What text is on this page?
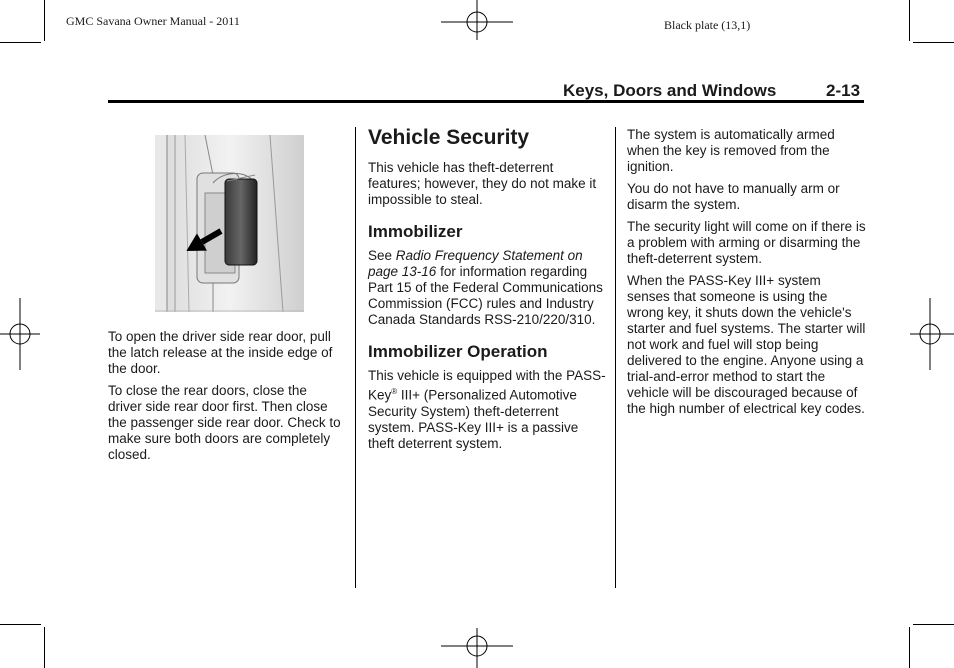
GMC Savana Owner Manual - 2011	Black plate (13,1)
Keys, Doors and Windows	2-13

To open the driver side rear door, pull the latch release at the inside edge of the door.

To close the rear doors, close the driver side rear door first. Then close the passenger side rear door. Check to make sure both doors are completely closed.

Vehicle Security

This vehicle has theft-deterrent features; however, they do not make it impossible to steal.

Immobilizer

See Radio Frequency Statement on page 13-16 for information regarding Part 15 of the Federal Communications Commission (FCC) rules and Industry Canada Standards RSS-210/220/310.

Immobilizer Operation

This vehicle is equipped with the PASS-Key® III+ (Personalized Automotive Security System) theft-deterrent system. PASS-Key III+ is a passive theft deterrent system.

The system is automatically armed when the key is removed from the ignition.

You do not have to manually arm or disarm the system.

The security light will come on if there is a problem with arming or disarming the theft-deterrent system.

When the PASS-Key III+ system senses that someone is using the wrong key, it shuts down the vehicle's starter and fuel systems. The starter will not work and fuel will stop being delivered to the engine. Anyone using a trial-and-error method to start the vehicle will be discouraged because of the high number of electrical key codes.
